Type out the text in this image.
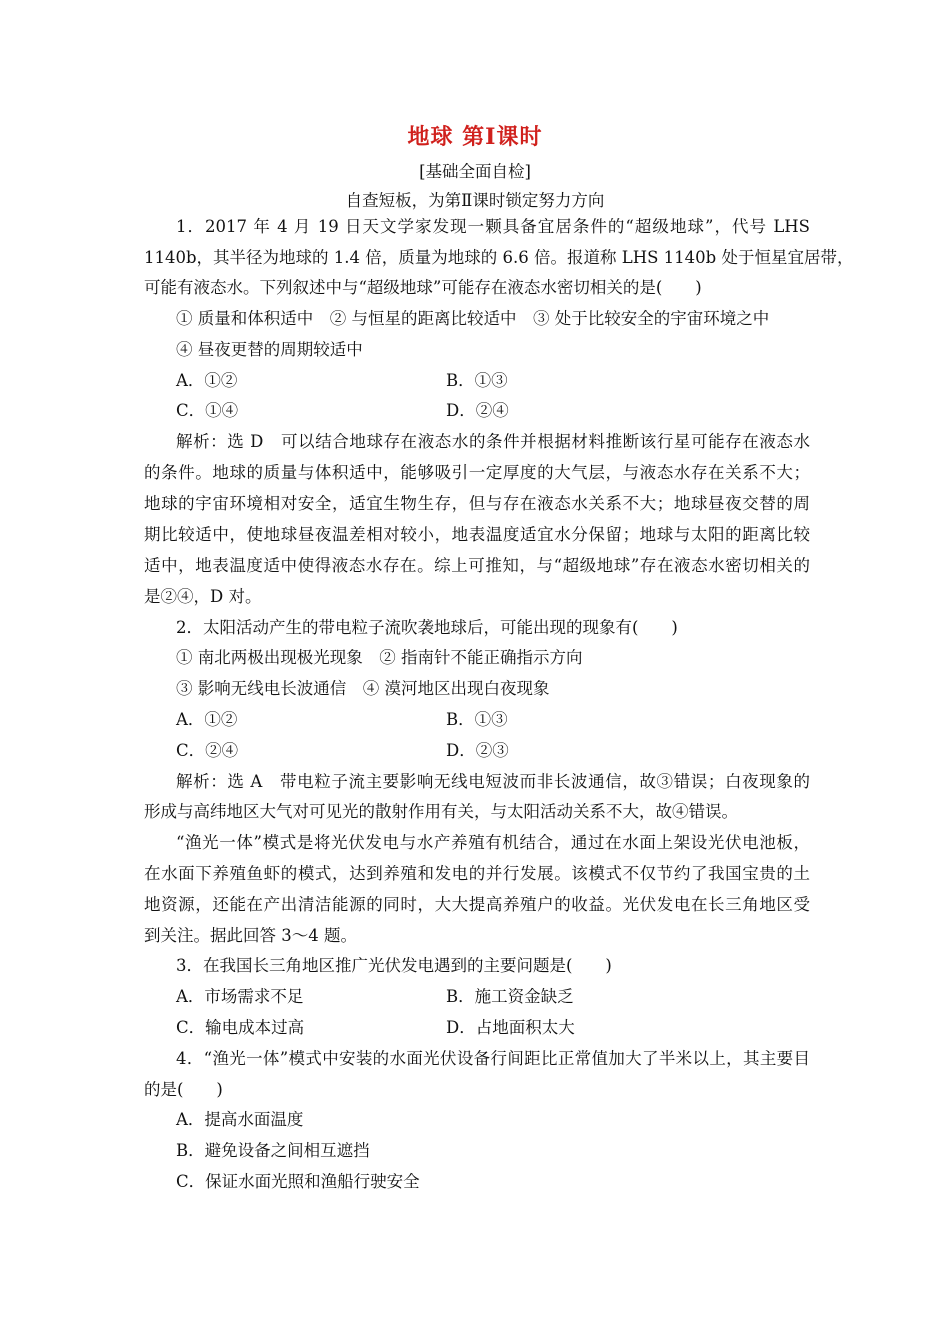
地球 第Ⅰ课时
[基础全面自检]
自查短板，为第Ⅱ课时锁定努力方向
1．2017 年 4 月 19 日天文学家发现一颗具备宜居条件的“超级地球”，代号 LHS
1140b，其半径为地球的 1.4 倍，质量为地球的 6.6 倍。报道称 LHS 1140b 处于恒星宜居带，
可能有液态水。下列叙述中与“超级地球”可能存在液态水密切相关的是(　　)
① 质量和体积适中　② 与恒星的距离比较适中　③ 处于比较安全的宇宙环境之中
④ 昼夜更替的周期较适中
A．①②	B．①③
C．①④	D．②④
解析：选 D　可以结合地球存在液态水的条件并根据材料推断该行星可能存在液态水
的条件。地球的质量与体积适中，能够吸引一定厚度的大气层，与液态水存在关系不大；
地球的宇宙环境相对安全，适宜生物生存，但与存在液态水关系不大；地球昼夜交替的周
期比较适中，使地球昼夜温差相对较小，地表温度适宜水分保留；地球与太阳的距离比较
适中，地表温度适中使得液态水存在。综上可推知，与“超级地球”存在液态水密切相关的
是②④，D 对。
2．太阳活动产生的带电粒子流吹袭地球后，可能出现的现象有(　　)
① 南北两极出现极光现象　② 指南针不能正确指示方向
③ 影响无线电长波通信　④ 漠河地区出现白夜现象
A．①②	B．①③
C．②④	D．②③
解析：选 A　带电粒子流主要影响无线电短波而非长波通信，故③错误；白夜现象的
形成与高纬地区大气对可见光的散射作用有关，与太阳活动关系不大，故④错误。
“渔光一体”模式是将光伏发电与水产养殖有机结合，通过在水面上架设光伏电池板，
在水面下养殖鱼虾的模式，达到养殖和发电的并行发展。该模式不仅节约了我国宝贵的土
地资源，还能在产出清洁能源的同时，大大提高养殖户的收益。光伏发电在长三角地区受
到关注。据此回答 3～4 题。
3．在我国长三角地区推广光伏发电遇到的主要问题是(　　)
A．市场需求不足	B．施工资金缺乏
C．输电成本过高	D．占地面积太大
4．“渔光一体”模式中安装的水面光伏设备行间距比正常值加大了半米以上，其主要目
的是(　　)
A．提高水面温度
B．避免设备之间相互遮挡
C．保证水面光照和渔船行驶安全
